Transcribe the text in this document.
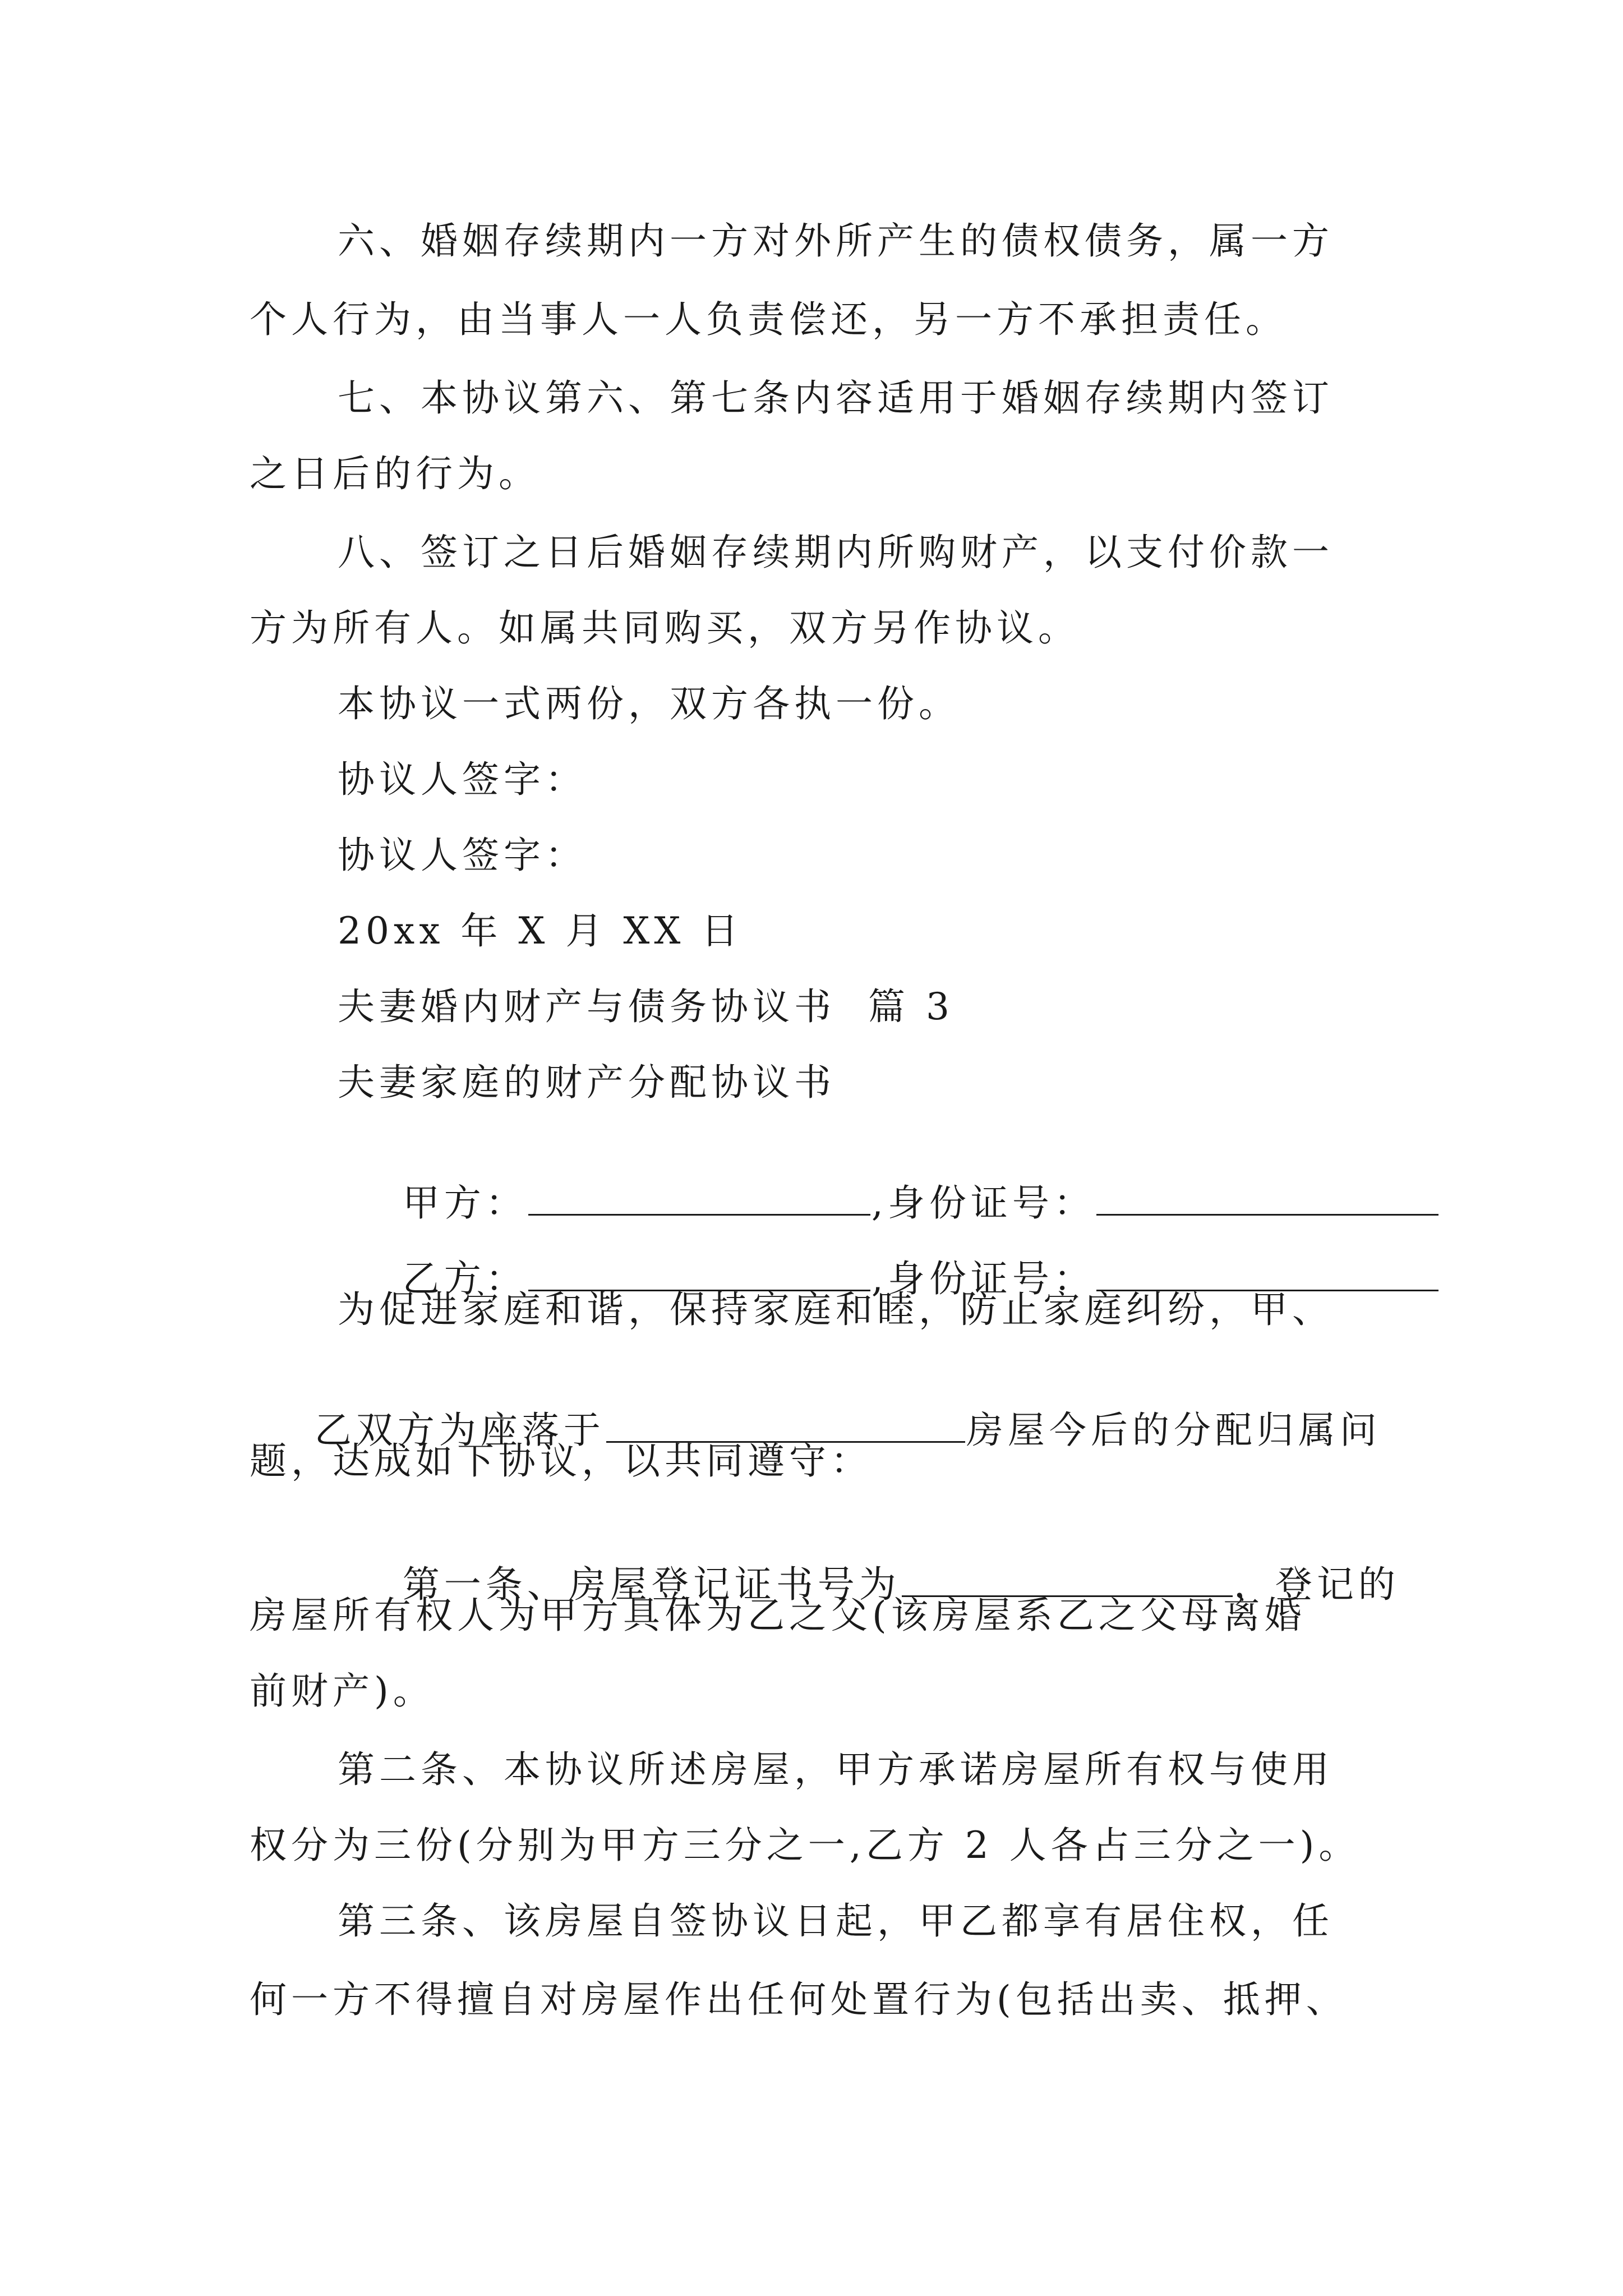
六、婚姻存续期内一方对外所产生的债权债务，属一方
个人行为，由当事人一人负责偿还，另一方不承担责任。
七、本协议第六、第七条内容适用于婚姻存续期内签订
之日后的行为。
八、签订之日后婚姻存续期内所购财产，以支付价款一
方为所有人。如属共同购买，双方另作协议。
本协议一式两份，双方各执一份。
协议人签字：
协议人签字：
20xx 年 X 月 XX 日
夫妻婚内财产与债务协议书  篇 3
夫妻家庭的财产分配协议书

甲方：	,身份证号：

乙方：	,身份证号：

为促进家庭和谐，保持家庭和睦，防止家庭纠纷，甲、

乙双方为座落于	房屋今后的分配归属问

题，达成如下协议，以共同遵守：

第一条、房屋登记证书号为	，登记的

房屋所有权人为甲方具体为乙之父(该房屋系乙之父母离婚
前财产)。
第二条、本协议所述房屋，甲方承诺房屋所有权与使用
权分为三份(分别为甲方三分之一,乙方 2 人各占三分之一)。
第三条、该房屋自签协议日起，甲乙都享有居住权，任
何一方不得擅自对房屋作出任何处置行为(包括出卖、抵押、
